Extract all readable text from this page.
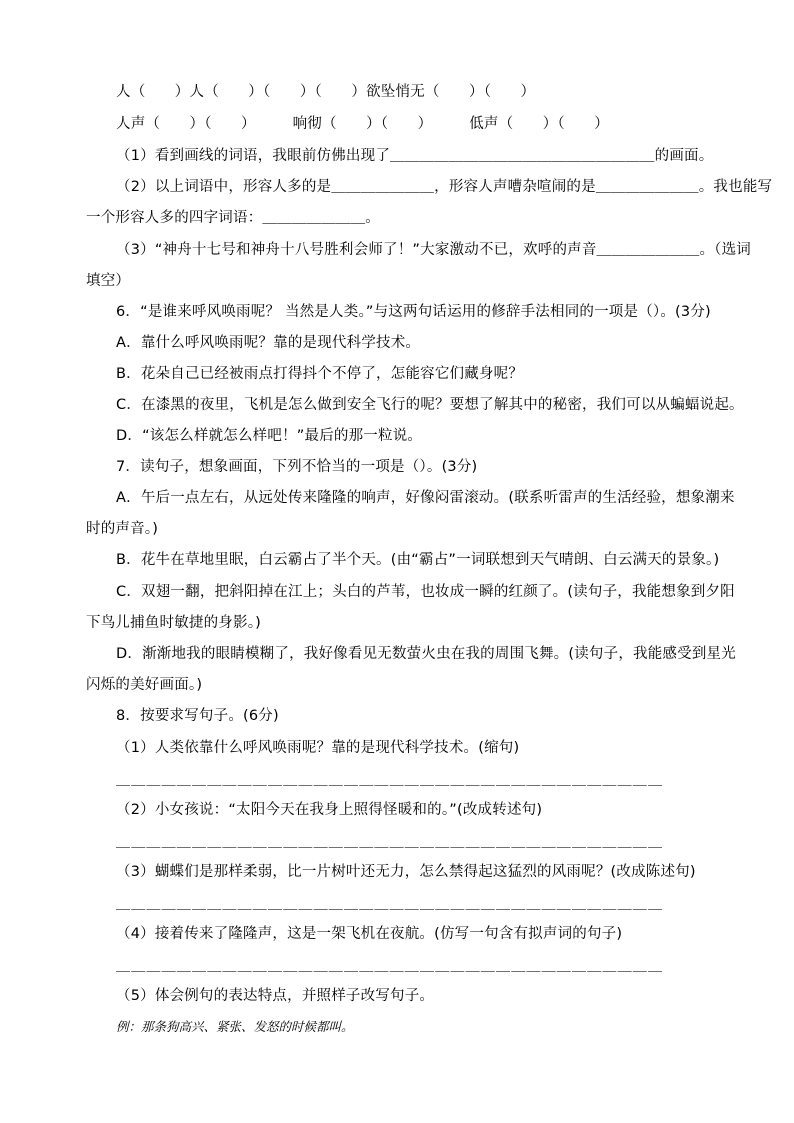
人（　　）人（　　）（　　）（　　）欲坠悄无（　　）（　　）
人声（　　）（　　）　　　响彻（　　）（　　）　　　低声（　　）（　　）
（1）看到画线的词语，我眼前仿佛出现了＿＿＿＿＿＿＿＿＿＿＿＿＿＿＿＿＿＿的画面。
（2）以上词语中，形容人多的是＿＿＿＿＿＿＿，形容人声嘈杂喧闹的是＿＿＿＿＿＿＿。我也能写
一个形容人多的四字词语：＿＿＿＿＿＿＿。
（3）“神舟十七号和神舟十八号胜利会师了！”大家激动不已，欢呼的声音＿＿＿＿＿＿＿。（选词
填空）
6．“是谁来呼风唤雨呢？ 当然是人类。”与这两句话运用的修辞手法相同的一项是（）。(3分)
A．靠什么呼风唤雨呢？靠的是现代科学技术。
B．花朵自己已经被雨点打得抖个不停了，怎能容它们藏身呢？
C．在漆黑的夜里，飞机是怎么做到安全飞行的呢？要想了解其中的秘密，我们可以从蝙蝠说起。
D．“该怎么样就怎么样吧！”最后的那一粒说。
7．读句子，想象画面，下列不恰当的一项是（）。(3分)
A．午后一点左右，从远处传来隆隆的响声，好像闷雷滚动。(联系听雷声的生活经验，想象潮来
时的声音。)
B．花牛在草地里眠，白云霸占了半个天。(由“霸占”一词联想到天气晴朗、白云满天的景象。)
C．双翅一翻，把斜阳掉在江上；头白的芦苇，也妆成一瞬的红颜了。(读句子，我能想象到夕阳
下鸟儿捕鱼时敏捷的身影。)
D．渐渐地我的眼睛模糊了，我好像看见无数萤火虫在我的周围飞舞。(读句子，我能感受到星光
闪烁的美好画面。)
8．按要求写句子。(6分)
（1）人类依靠什么呼风唤雨呢？靠的是现代科学技术。(缩句)
＿＿＿＿＿＿＿＿＿＿＿＿＿＿＿＿＿＿＿＿＿＿＿＿＿＿＿＿＿＿＿＿＿＿＿＿
（2）小女孩说：“太阳今天在我身上照得怪暖和的。”(改成转述句)
＿＿＿＿＿＿＿＿＿＿＿＿＿＿＿＿＿＿＿＿＿＿＿＿＿＿＿＿＿＿＿＿＿＿＿＿
（3）蝴蝶们是那样柔弱，比一片树叶还无力，怎么禁得起这猛烈的风雨呢？(改成陈述句)
＿＿＿＿＿＿＿＿＿＿＿＿＿＿＿＿＿＿＿＿＿＿＿＿＿＿＿＿＿＿＿＿＿＿＿＿
（4）接着传来了隆隆声，这是一架飞机在夜航。(仿写一句含有拟声词的句子)
＿＿＿＿＿＿＿＿＿＿＿＿＿＿＿＿＿＿＿＿＿＿＿＿＿＿＿＿＿＿＿＿＿＿＿＿
（5）体会例句的表达特点，并照样子改写句子。
例：那条狗高兴、紧张、发怒的时候都叫。
